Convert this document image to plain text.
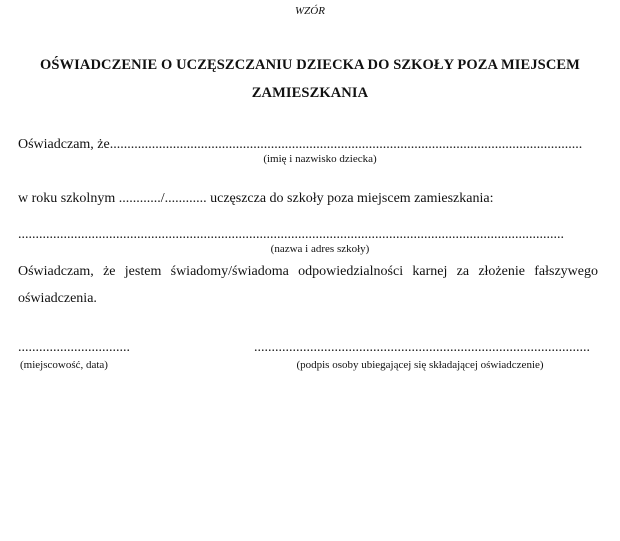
WZÓR
OŚWIADCZENIE O UCZĘSZCZANIU DZIECKA DO SZKOŁY POZA MIEJSCEM
ZAMIESZKANIA
Oświadczam, że.......................................................................................................................................
(imię i nazwisko dziecka)
w roku szkolnym ............/............ uczęszcza do szkoły poza miejscem zamieszkania:
............................................................................................................................................................
(nazwa i adres szkoły)
Oświadczam, że jestem świadomy/świadoma odpowiedzialności karnej za złożenie fałszywego
oświadczenia.
................................
(miejscowość, data)
................................................................................................
(podpis osoby ubiegającej się składającej oświadczenie)
